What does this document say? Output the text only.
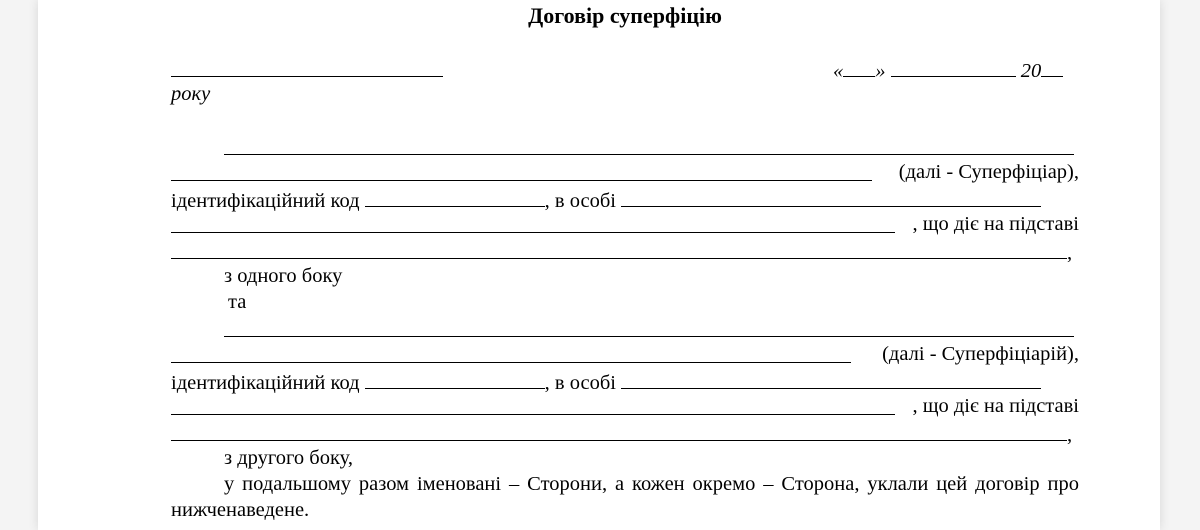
Договір суперфіцію
« »	20
року
(далі - Суперфіціар),
ідентифікаційний код	, в особі
, що діє на підставі
,
з одного боку
та
(далі - Суперфіціарій),
ідентифікаційний код	, в особі
, що діє на підставі
,
з другого боку,
у подальшому разом іменовані – Сторони, а кожен окремо – Сторона, уклали цей договір про нижченаведене.
